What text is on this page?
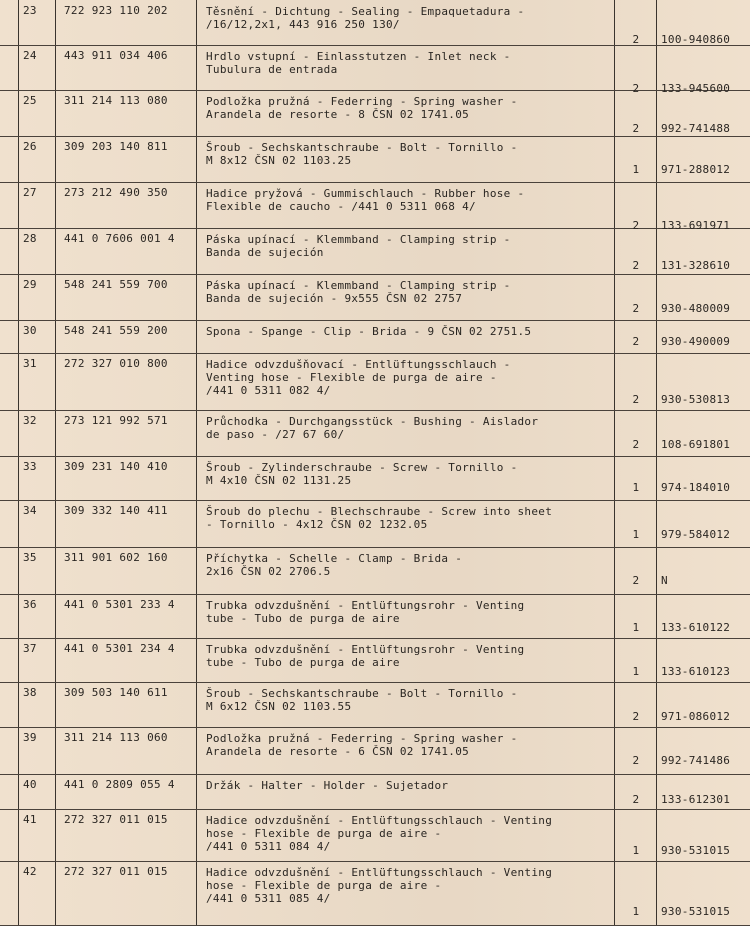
23	722 923 110 202	Těsnění - Dichtung - Sealing - Empaquetadura -
/16/12,2x1, 443 916 250 130/
2	100-940860
24	443 911 034 406	Hrdlo vstupní - Einlasstutzen - Inlet neck -
Tubulura de entrada
2	133-945600
25	311 214 113 080	Podložka pružná - Federring - Spring washer -
Arandela de resorte - 8 ČSN 02 1741.05
2	992-741488
26	309 203 140 811	Šroub - Sechskantschraube - Bolt - Tornillo -
M 8x12 ČSN 02 1103.25
1	971-288012
27	273 212 490 350	Hadice pryžová - Gummischlauch - Rubber hose -
Flexible de caucho - /441 0 5311 068 4/
2	133-691971
28	441 0 7606 001 4	Páska upínací - Klemmband - Clamping strip -
Banda de sujeción
2	131-328610
29	548 241 559 700	Páska upínací - Klemmband - Clamping strip -
Banda de sujeción - 9x555 ČSN 02 2757
2	930-480009
30	548 241 559 200	Spona - Spange - Clip - Brida - 9 ČSN 02 2751.5
2	930-490009
31	272 327 010 800	Hadice odvzdušňovací - Entlüftungsschlauch -
Venting hose - Flexible de purga de aire -
/441 0 5311 082 4/
2	930-530813
32	273 121 992 571	Průchodka - Durchgangsstück - Bushing - Aislador
de paso - /27 67 60/
2	108-691801
33	309 231 140 410	Šroub - Zylinderschraube - Screw - Tornillo -
M 4x10 ČSN 02 1131.25
1	974-184010
34	309 332 140 411	Šroub do plechu - Blechschraube - Screw into sheet
- Tornillo - 4x12 ČSN 02 1232.05
1	979-584012
35	311 901 602 160	Příchytka - Schelle - Clamp - Brida -
2x16 ČSN 02 2706.5
2	N
36	441 0 5301 233 4	Trubka odvzdušnění - Entlüftungsrohr - Venting
tube - Tubo de purga de aire
1	133-610122
37	441 0 5301 234 4	Trubka odvzdušnění - Entlüftungsrohr - Venting
tube - Tubo de purga de aire
1	133-610123
38	309 503 140 611	Šroub - Sechskantschraube - Bolt - Tornillo -
M 6x12 ČSN 02 1103.55
2	971-086012
39	311 214 113 060	Podložka pružná - Federring - Spring washer -
Arandela de resorte - 6 ČSN 02 1741.05
2	992-741486
40	441 0 2809 055 4	Držák - Halter - Holder - Sujetador
2	133-612301
41	272 327 011 015	Hadice odvzdušnění - Entlüftungsschlauch - Venting
hose - Flexible de purga de aire -
/441 0 5311 084 4/	1	930-531015
42	272 327 011 015	Hadice odvzdušnění - Entlüftungsschlauch - Venting
hose - Flexible de purga de aire -
/441 0 5311 085 4/
1	930-531015
